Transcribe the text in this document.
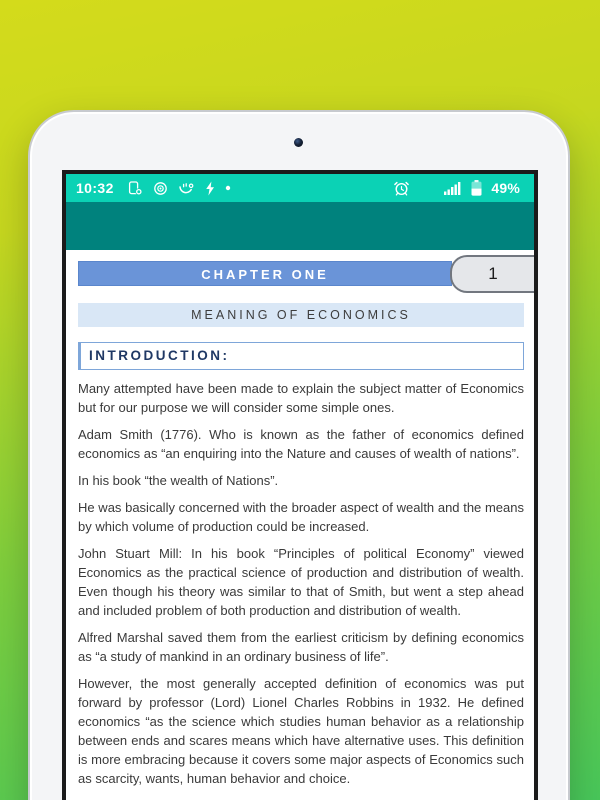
10:32	49%
CHAPTER ONE	1
MEANING OF ECONOMICS
INTRODUCTION:

Many attempted have been made to explain the subject matter of Economics but for our purpose we will consider some simple ones.

Adam Smith (1776). Who is known as the father of economics defined economics as “an enquiring into the Nature and causes of wealth of nations”.

In his book “the wealth of Nations”.

He was basically concerned with the broader aspect of wealth and the means by which volume of production could be increased.

John Stuart Mill: In his book “Principles of political Economy” viewed Economics as the practical science of production and distribution of wealth. Even though his theory was similar to that of Smith, but went a step ahead and included problem of both production and distribution of wealth.

Alfred Marshal saved them from the earliest criticism by defining economics as “a study of mankind in an ordinary business of life”.

However, the most generally accepted definition of economics was put forward by professor (Lord) Lionel Charles Robbins in 1932. He defined economics “as the science which studies human behavior as a relationship between ends and scares means which have alternative uses. This definition is more embracing because it covers some major aspects of Economics such as scarcity, wants, human behavior and choice.
